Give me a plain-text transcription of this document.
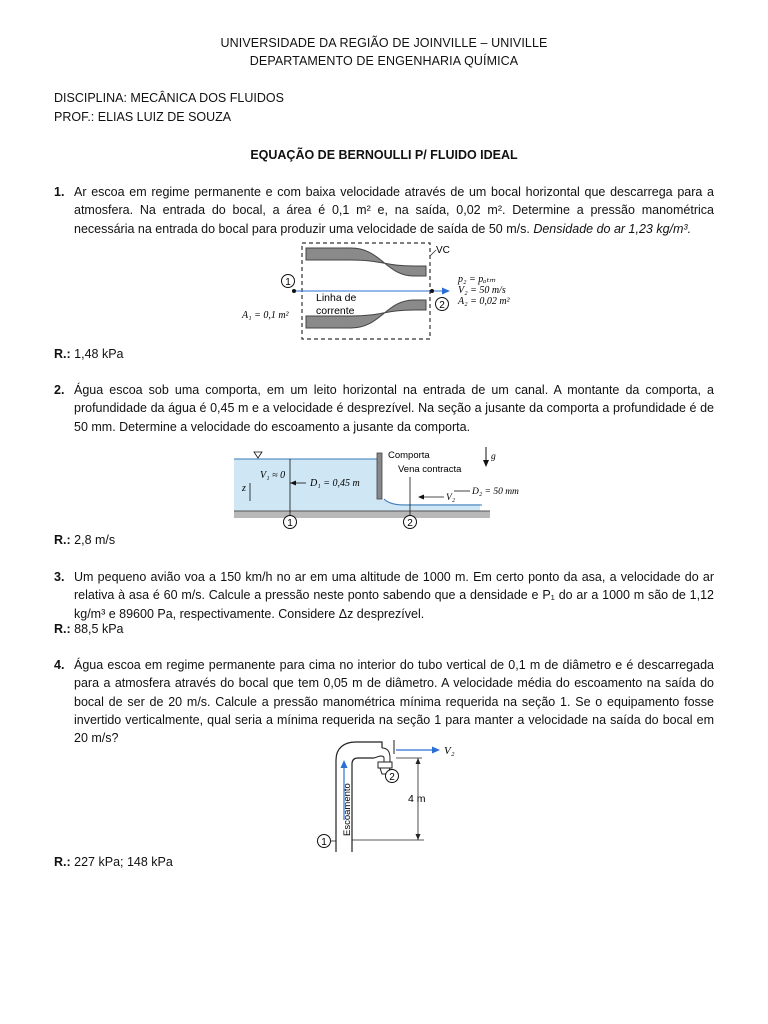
UNIVERSIDADE DA REGIÃO DE JOINVILLE – UNIVILLE
DEPARTAMENTO DE ENGENHARIA QUÍMICA
DISCIPLINA: MECÂNICA DOS FLUIDOS
PROF.: ELIAS LUIZ DE SOUZA
EQUAÇÃO DE BERNOULLI P/ FLUIDO IDEAL
1. Ar escoa em regime permanente e com baixa velocidade através de um bocal horizontal que descarrega para a atmosfera. Na entrada do bocal, a área é 0,1 m² e, na saída, 0,02 m². Determine a pressão manométrica necessária na entrada do bocal para produzir uma velocidade de saída de 50 m/s. Densidade do ar 1,23 kg/m³.
1
2
VC
Linha de
corrente
A₁ = 0,1 m²
p₂ = pₐₜₘ
V₂ = 50 m/s
A₂ = 0,02 m²
R.: 1,48 kPa
2. Água escoa sob uma comporta, em um leito horizontal na entrada de um canal. A montante da comporta, a profundidade da água é 0,45 m e a velocidade é desprezível. Na seção a jusante da comporta a profundidade é de 50 mm. Determine a velocidade do escoamento a jusante da comporta.
z
V₁ ≈ 0
D₁ = 0,45 m
1
Comporta
Vena contracta
2
V₂
D₂ = 50 mm
g
R.: 2,8 m/s
3. Um pequeno avião voa a 150 km/h no ar em uma altitude de 1000 m. Em certo ponto da asa, a velocidade do ar relativa à asa é 60 m/s. Calcule a pressão neste ponto sabendo que a densidade e P₁ do ar a 1000 m são de 1,12 kg/m³ e 89600 Pa, respectivamente. Considere Δz desprezível.
R.: 88,5 kPa
4. Água escoa em regime permanente para cima no interior do tubo vertical de 0,1 m de diâmetro e é descarregada para a atmosfera através do bocal que tem 0,05 m de diâmetro. A velocidade média do escoamento na saída do bocal de ser de 20 m/s. Calcule a pressão manométrica mínima requerida na seção 1. Se o equipamento fosse invertido verticalmente, qual seria a mínima requerida na seção 1 para manter a velocidade na saída do bocal em 20 m/s?
V₂
Escoamento
2
4 m
1
R.: 227 kPa; 148 kPa
